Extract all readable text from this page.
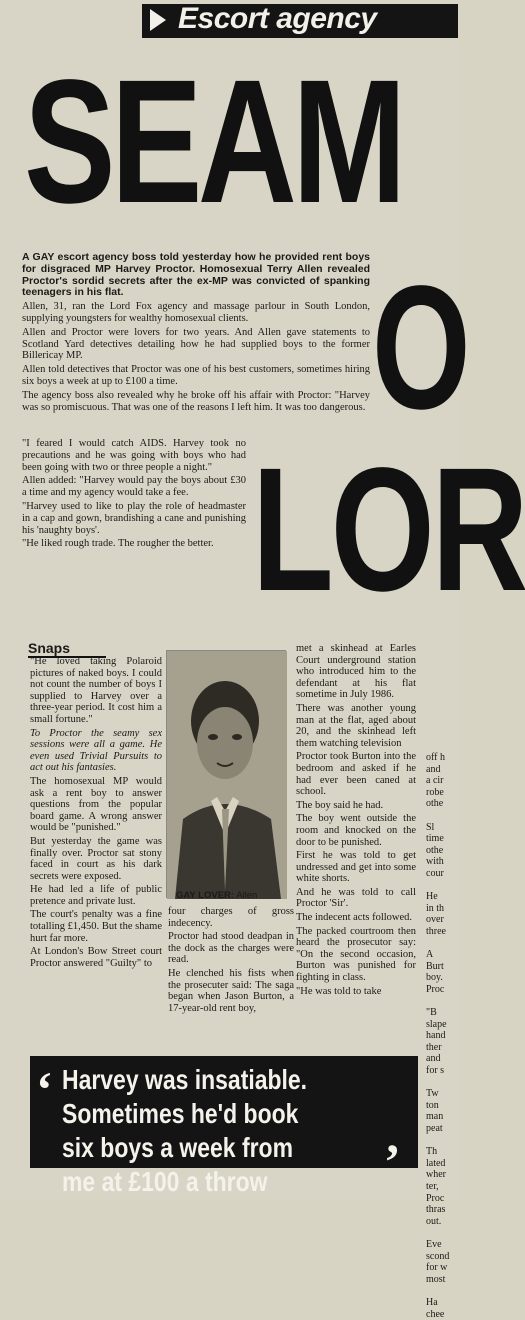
Escort agency
SEAM
O
LOR

A GAY escort agency boss told yesterday how he provided rent boys for disgraced MP Harvey Proctor. Homosexual Terry Allen revealed Proctor's sordid secrets after the ex-MP was convicted of spanking teenagers in his flat.

Allen, 31, ran the Lord Fox agency and massage parlour in South London, supplying youngsters for wealthy homosexual clients.

Allen and Proctor were lovers for two years. And Allen gave statements to Scotland Yard detectives detailing how he had supplied boys to the former Billericay MP.

Allen told detectives that Proctor was one of his best customers, sometimes hiring six boys a week at up to £100 a time.

The agency boss also revealed why he broke off his affair with Proctor: "Harvey was so promiscuous. That was one of the reasons I left him. It was too dangerous.

"I feared I would catch AIDS. Harvey took no precautions and he was going with boys who had been going with two or three people a night."

Allen added: "Harvey would pay the boys about £30 a time and my agency would take a fee.

"Harvey used to like to play the role of headmaster in a cap and gown, brandishing a cane and punishing his 'naughty boys'.

"He liked rough trade. The rougher the better.

Snaps

"He loved taking Polaroid pictures of naked boys. I could not count the number of boys I supplied to Harvey over a three-year period. It cost him a small fortune."

To Proctor the seamy sex sessions were all a game. He even used Trivial Pursuits to act out his fantasies.

The homosexual MP would ask a rent boy to answer questions from the popular board game. A wrong answer would be "punished."

But yesterday the game was finally over. Proctor sat stony faced in court as his dark secrets were exposed.

He had led a life of public pretence and private lust.

The court's penalty was a fine totalling £1,450. But the shame hurt far more.

At London's Bow Street court Proctor answered "Guilty" to

GAY LOVER: Allen

four charges of gross indecency.

Proctor had stood deadpan in the dock as the charges were read.

He clenched his fists when the prosecuter said: The saga began when Jason Burton, a 17-year-old rent boy,

met a skinhead at Earles Court underground station who introduced him to the defendant at his flat sometime in July 1986.

There was another young man at the flat, aged about 20, and the skinhead left them watching television

Proctor took Burton into the bedroom and asked if he had ever been caned at school.

The boy said he had.

The boy went outside the room and knocked on the door to be punished.

First he was told to get undressed and get into some white shorts.

And he was told to call Proctor 'Sir'.

The indecent acts followed.

The packed courtroom then heard the prosecutor say: "On the second occasion, Burton was punished for fighting in class.

"He was told to take

off h
and
a cir
robe
othe

Sl
time
othe
with
cour

He
in th
over
three

A
Burt
boy.
Proc

"B
slape
hand
ther
and
for s

Tw
ton
man
peat

Th
lated
wher
ter,
Proc
thras
out.

Eve
scond
for w
most

Ha
chee
‘ Harvey was insatiable.
Sometimes he'd book
six boys a week from
me at £100 a throw	’
